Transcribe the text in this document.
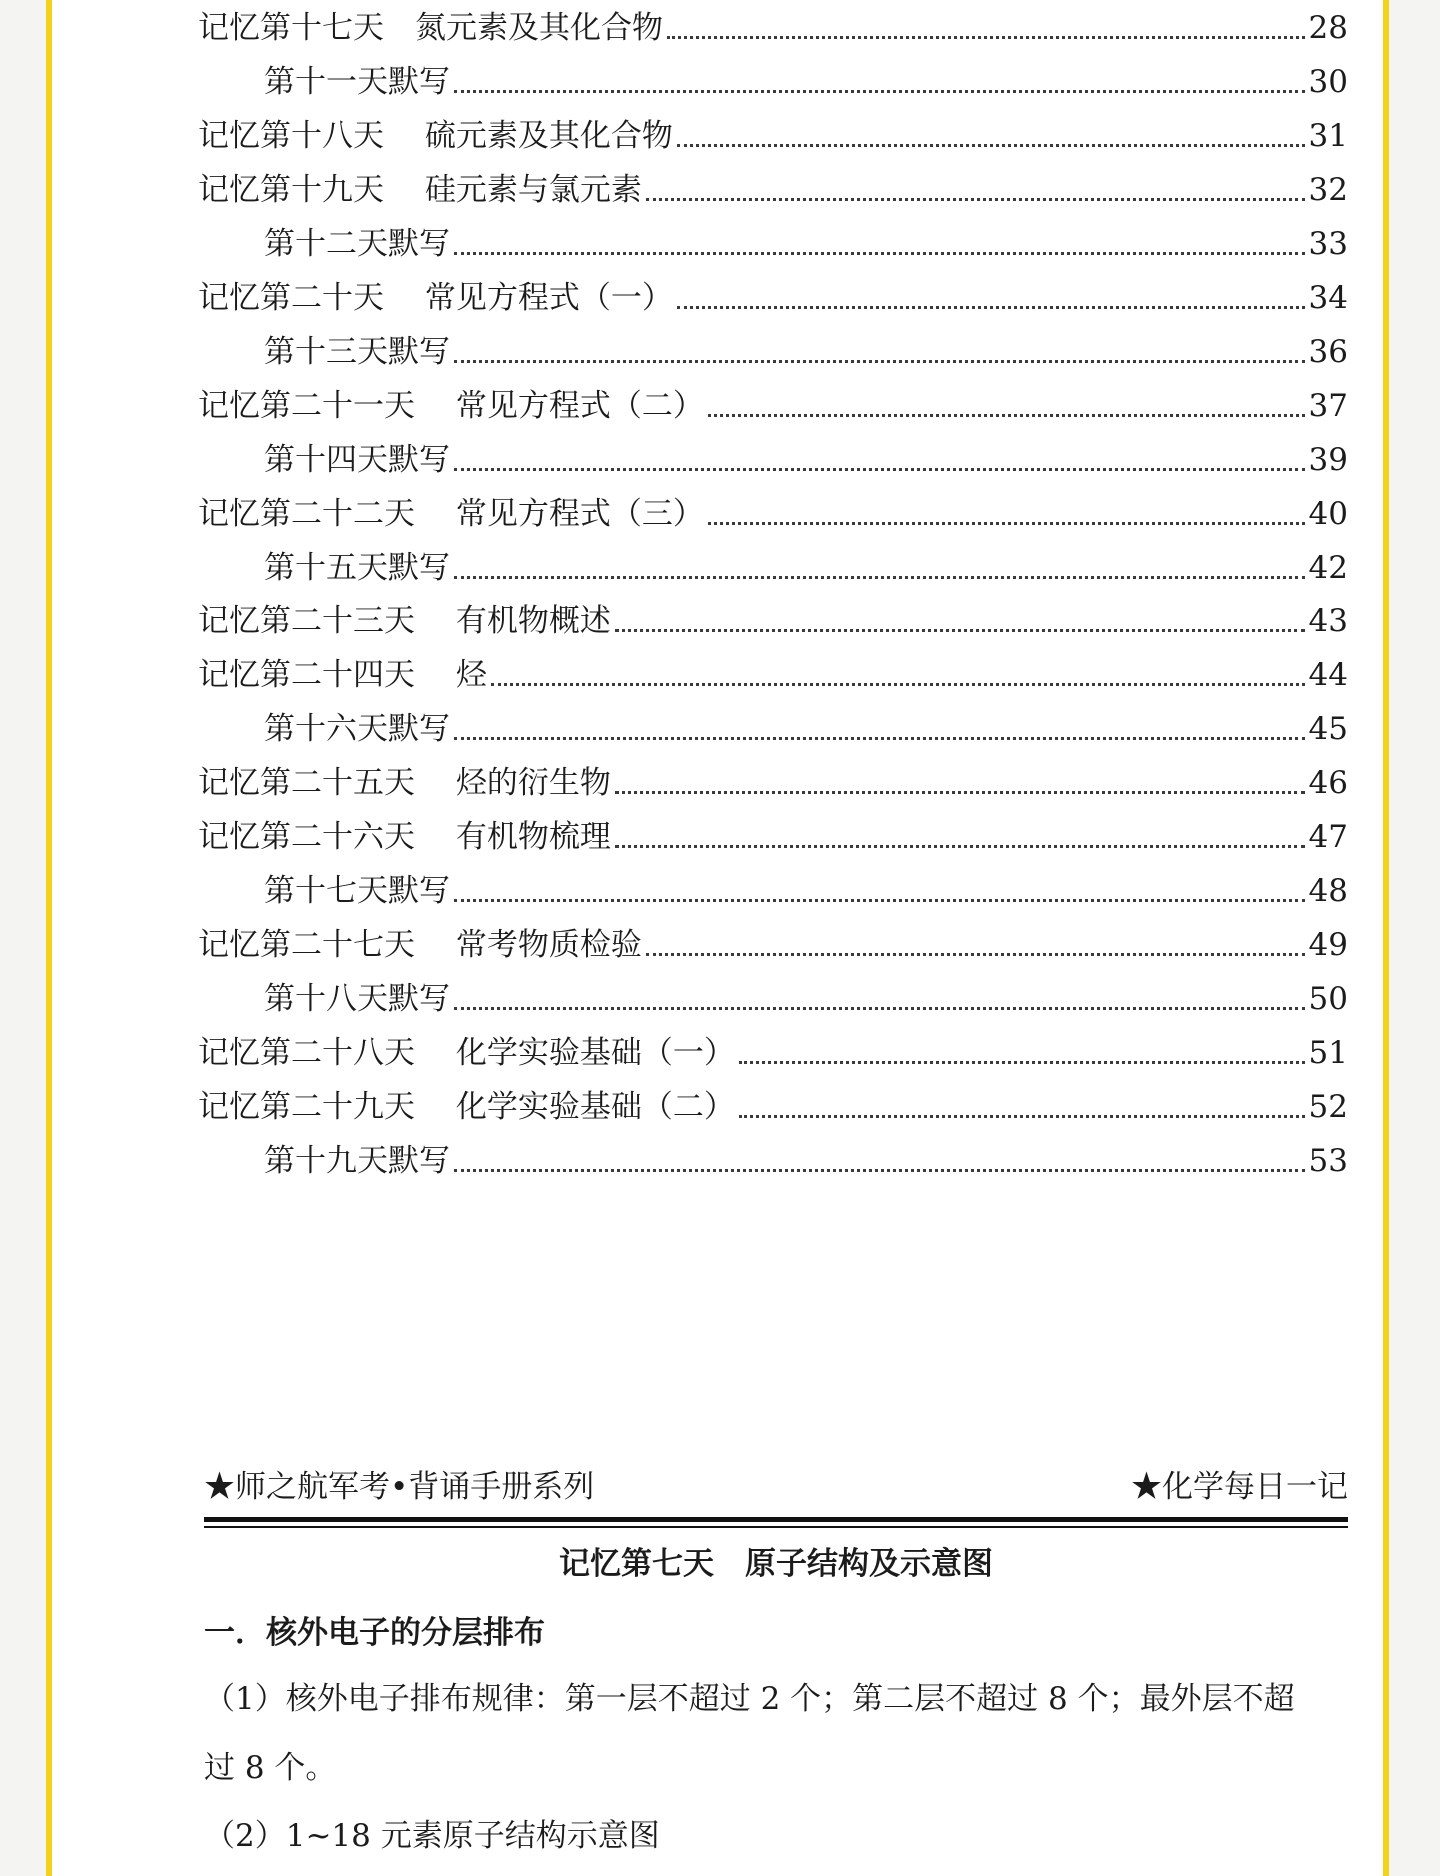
记忆第十七天　氮元素及其化合物	28
第十一天默写	30
记忆第十八天　 硫元素及其化合物	31
记忆第十九天　 硅元素与氯元素	32
第十二天默写	33
记忆第二十天　 常见方程式（一）	34
第十三天默写	36
记忆第二十一天　 常见方程式（二）	37
第十四天默写	39
记忆第二十二天　 常见方程式（三）	40
第十五天默写	42
记忆第二十三天　 有机物概述	43
记忆第二十四天　 烃	44
第十六天默写	45
记忆第二十五天　 烃的衍生物	46
记忆第二十六天　 有机物梳理	47
第十七天默写	48
记忆第二十七天　 常考物质检验	49
第十八天默写	50
记忆第二十八天　 化学实验基础（一）	51
记忆第二十九天　 化学实验基础（二）	52
第十九天默写	53
★师之航军考•背诵手册系列	★化学每日一记
记忆第七天　原子结构及示意图
一．核外电子的分层排布
（1）核外电子排布规律：第一层不超过 2 个；第二层不超过 8 个；最外层不超
过 8 个。
（2）1~18 元素原子结构示意图
